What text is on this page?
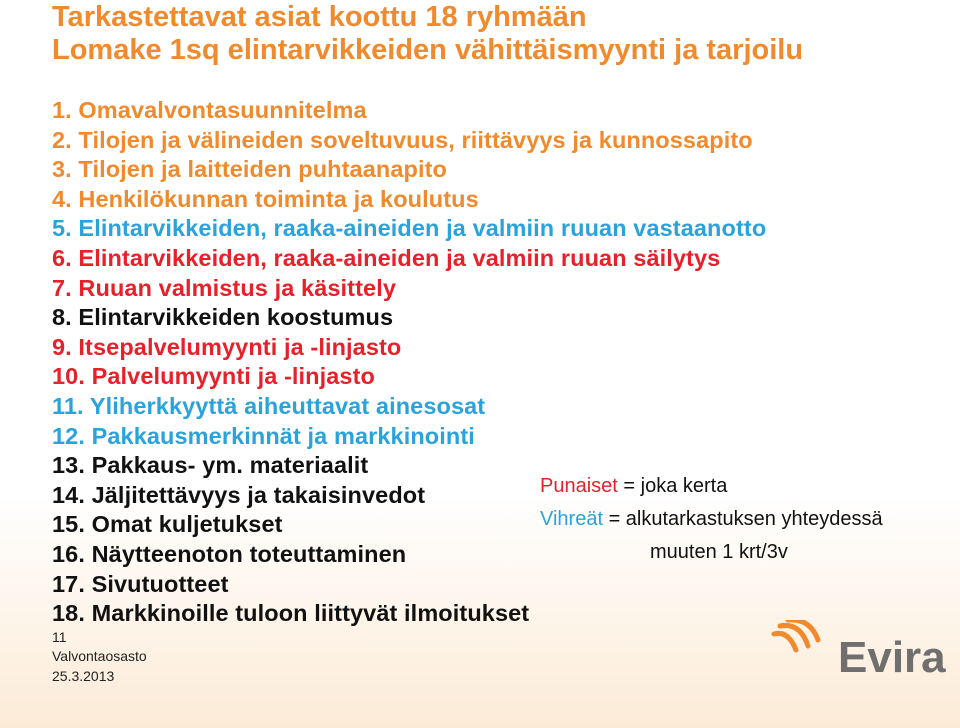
Tarkastettavat asiat koottu 18 ryhmään
Lomake 1sq elintarvikkeiden vähittäismyynti ja tarjoilu
1. Omavalvontasuunnitelma
2. Tilojen ja välineiden soveltuvuus, riittävyys ja kunnossapito
3. Tilojen ja laitteiden puhtaanapito
4. Henkilökunnan toiminta ja koulutus
5. Elintarvikkeiden, raaka-aineiden ja valmiin ruuan vastaanotto
6. Elintarvikkeiden, raaka-aineiden ja valmiin ruuan säilytys
7. Ruuan valmistus ja käsittely
8. Elintarvikkeiden koostumus
9. Itsepalvelumyynti ja -linjasto
10. Palvelumyynti ja -linjasto
11. Yliherkkyyttä aiheuttavat ainesosat
12. Pakkausmerkinnät ja markkinointi
13. Pakkaus- ym. materiaalit
14. Jäljitettävyys ja takaisinvedot
15. Omat kuljetukset
16. Näytteenoton toteuttaminen
17. Sivutuotteet
18. Markkinoille tuloon liittyvät ilmoitukset
Punaiset = joka kerta
Vihreät = alkutarkastuksen yhteydessä
muuten 1 krt/3v
11
Valvontaosasto
25.3.2013	Evira
